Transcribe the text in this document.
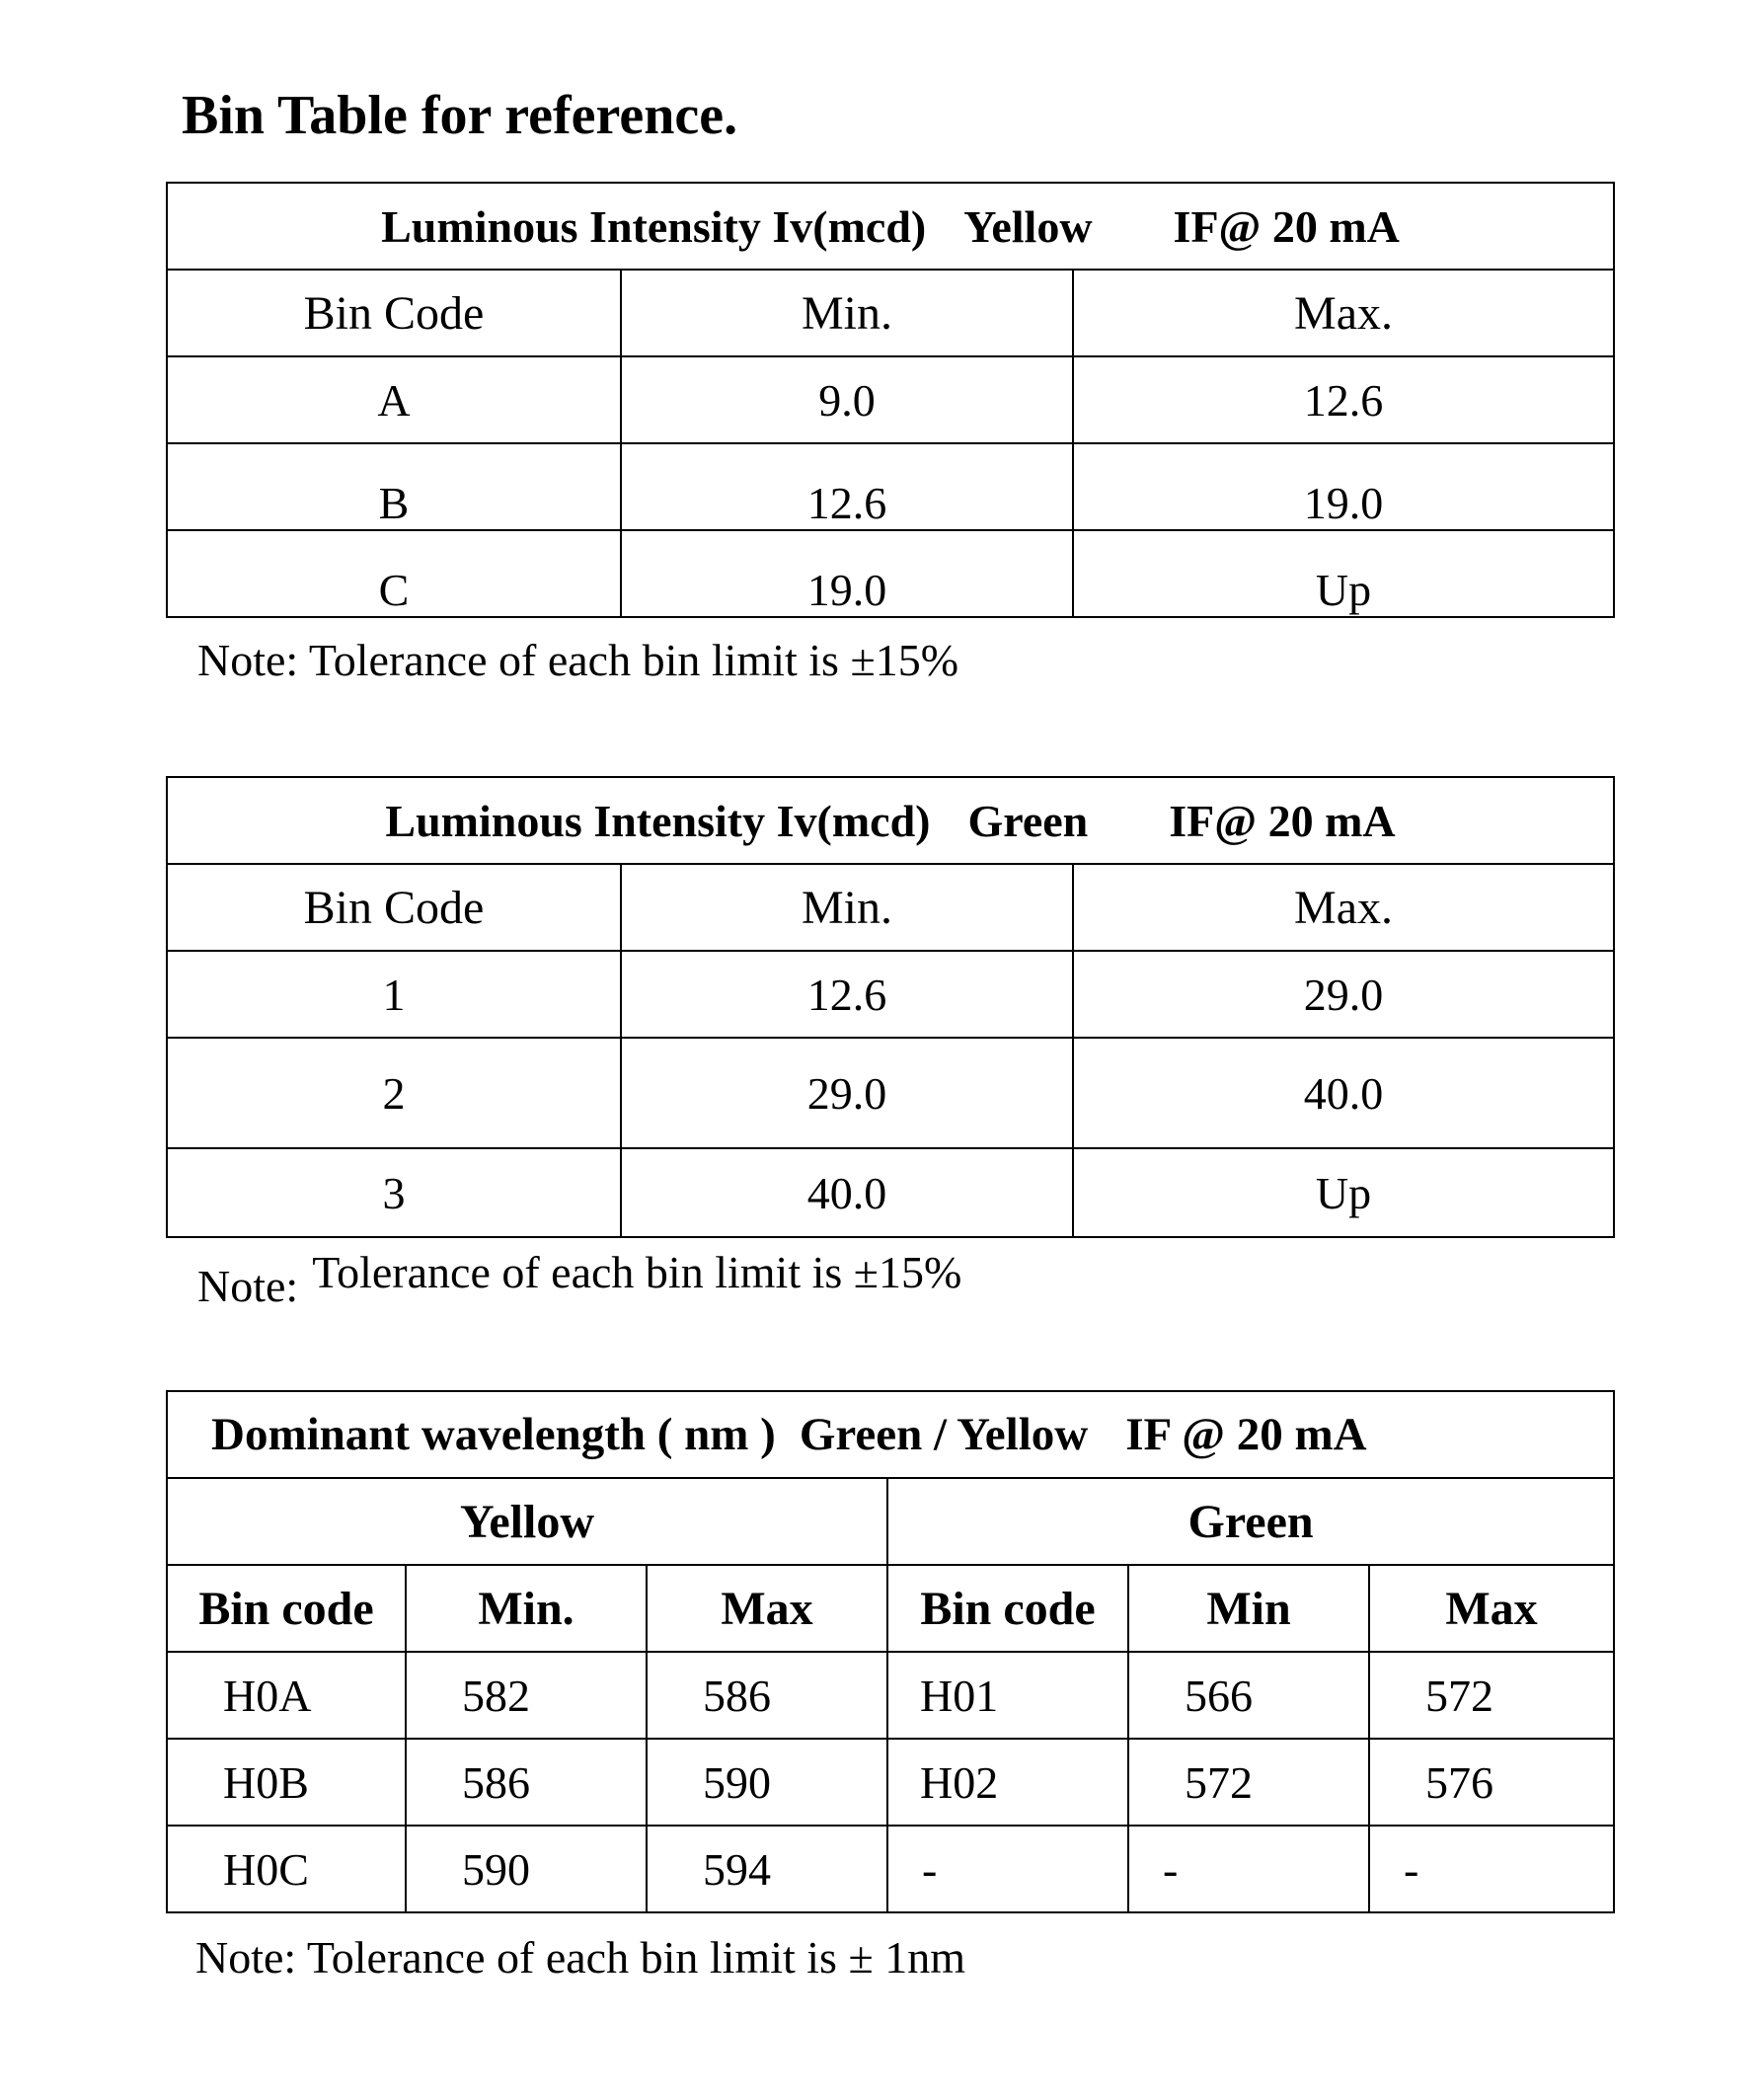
Bin Table for reference.
Luminous Intensity Iv(mcd) Yellow IF@ 20 mA		
Bin Code	Min.	Max.
A	9.0	12.6
B	12.6	19.0
C	19.0	Up
Note: Tolerance of each bin limit is ±15%
Luminous Intensity Iv(mcd) Green IF@ 20 mA		
Bin Code	Min.	Max.
1	12.6	29.0
2	29.0	40.0
3	40.0	Up
Note: Tolerance of each bin limit is ±15%
Dominant wavelength ( nm ) Green / Yellow IF @ 20 mA					
Yellow			Green		
Bin code	Min.	Max	Bin code	Min	Max
H0A	582	586	H01	566	572
H0B	586	590	H02	572	576
H0C	590	594	-	-	-
Note: Tolerance of each bin limit is ± 1nm
